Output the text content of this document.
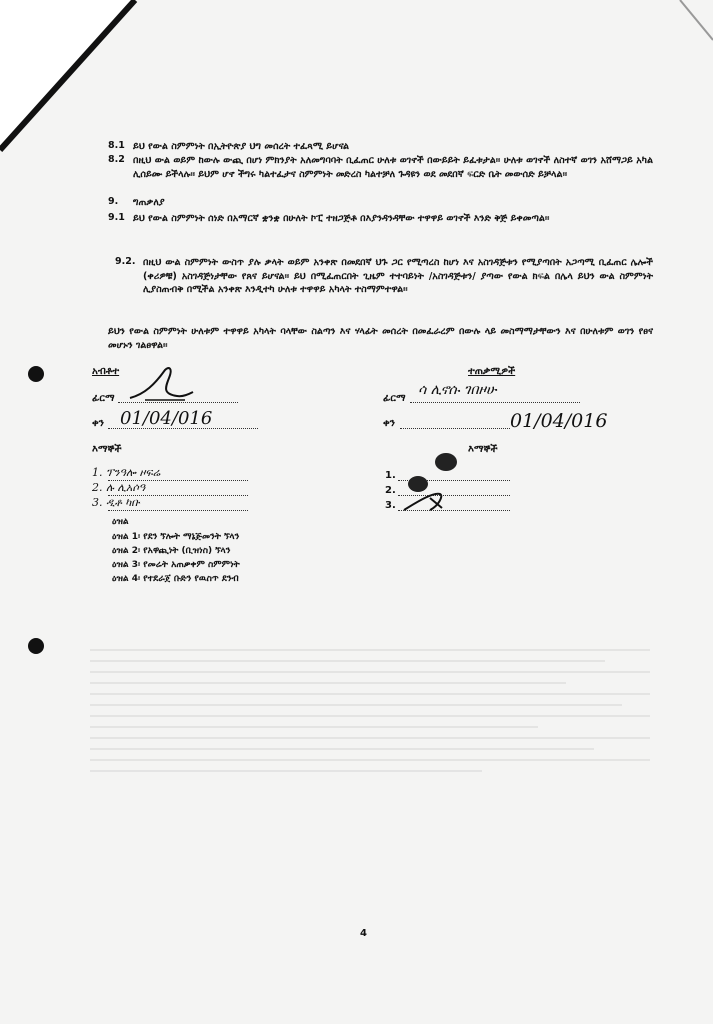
8.1 ይህ የውል ስምምነት በኢትዮጵያ ህግ መሰረት ተፈጻሚ ይሆናል
8.2 በዚህ ውል ወይም ከውሉ ውጪ በሆነ ምክንያት አለመግባባት ቢፈጠር ሁለቱ ወገኖች በውይይት ይፈቱታል፡፡ ሁለቱ ወገኖች ለስተኛ ወገን አሸማጋይ አካል ሊሰይሙ ይችላሉ፡፡ ይህም ሆኖ ችግሩ ካልተፈታና ስምምነት መድረስ ካልተቻለ ጉዳዩን ወደ መደበኛ ፍርድ ቤት መውሰድ ይቻላል፡፡
9. ግጠቃለያ
9.1 ይህ የውል ስምምነት ሰነድ በአማርኛ ቋንቋ በሁለት ኮፒ ተዘጋጅቶ በእያንዳንዳቸው ተዋዋይ ወገኖች እንድ ቅጅ ይቀመጣል፡፡
9.2. በዚህ ውል ስምምነት ውስጥ ያሉ ቃላት ወይም አንቀጽ በመደበኛ ህጉ ጋር የሚጣረስ ከሆነ እና አስገዳጅቱን የሚያጣበት አጋጣሚ ቢፈጠር ሌሎች (ቀሪዎቹ) አስገዳጅነታቸው የጸና ይሆናል፡፡ ይህ በሚፈጠርበት ጊዜም ተተባይነት /አስገዳጅቱን/ ያጣው የውል ክፍል በሌላ ይህን ውል ስምምነት ሊያስጠብቅ በሚችል አንቀጽ እንዲተካ ሁለቱ ተዋዋይ አካላት ተስማምተዋል፡፡
ይህን የውል ስምምነት ሁለቱም ተዋዋይ አካላት ባላቸው ስልጣን እና ሃላፊት መሰረት በመፈራረም በውሉ ላይ መስማማታቸውን እና በሁለቱም ወገን የፀና መሆኑን ገልፀዋል፡፡
አብቶተ
ፊርማ
ቀን 01/04/016
እማኞች
1. ፕንዓሎ ዞፍሬ
2. ሉ ሊአሶዓ
3. ዲቶ ካቡ
ተጠቃሚዎች
ፊርማ
ሳ ሊኖሱ ገበዞሁ
ቀን	01/04/016
እማኞች
1.
2.
3.
ዕዝል
ዕዝል 1፡ የደን ኘሎት ማኔጅመንት ኘላን
ዕዝል 2፡ የአዋጪነት (ቢዝነስ) ኘላን
ዕዝል 3፡ የመሬት አጠቃቀም ስምምነት
ዕዝል 4፡ የተደራጀ ቡድን የዉስጥ ደንብ
4
